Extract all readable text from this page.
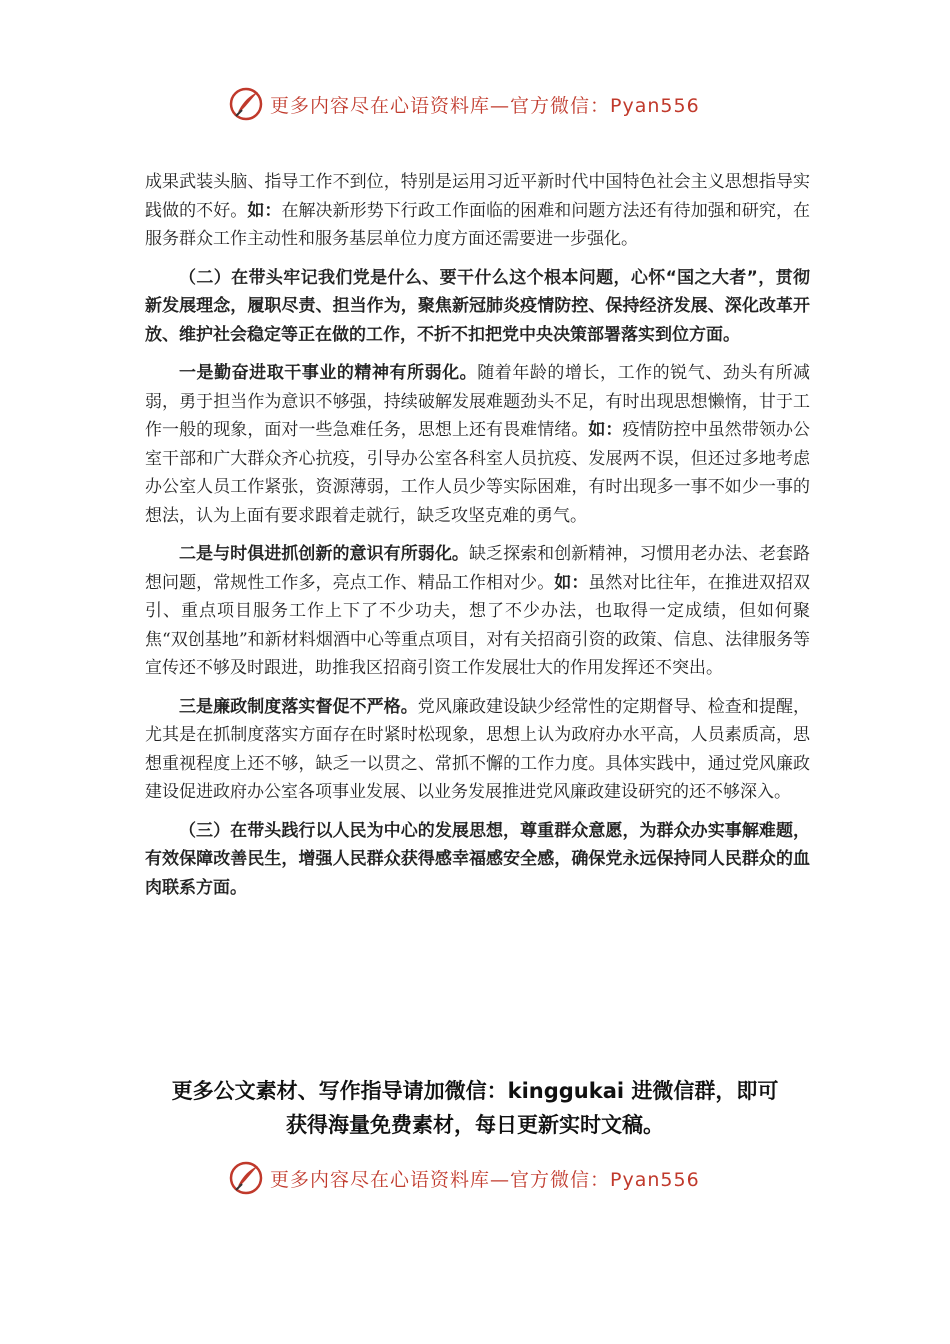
更多内容尽在心语资料库—官方微信：Pyan556

成果武装头脑、指导工作不到位，特别是运用习近平新时代中国特色社会主义思想指导实践做的不好。如：在解决新形势下行政工作面临的困难和问题方法还有待加强和研究，在服务群众工作主动性和服务基层单位力度方面还需要进一步强化。

（二）在带头牢记我们党是什么、要干什么这个根本问题，心怀“国之大者”，贯彻新发展理念，履职尽责、担当作为，聚焦新冠肺炎疫情防控、保持经济发展、深化改革开放、维护社会稳定等正在做的工作，不折不扣把党中央决策部署落实到位方面。

一是勤奋进取干事业的精神有所弱化。随着年龄的增长，工作的锐气、劲头有所减弱，勇于担当作为意识不够强，持续破解发展难题劲头不足，有时出现思想懒惰，甘于工作一般的现象，面对一些急难任务，思想上还有畏难情绪。如：疫情防控中虽然带领办公室干部和广大群众齐心抗疫，引导办公室各科室人员抗疫、发展两不误，但还过多地考虑办公室人员工作紧张，资源薄弱，工作人员少等实际困难，有时出现多一事不如少一事的想法，认为上面有要求跟着走就行，缺乏攻坚克难的勇气。

二是与时俱进抓创新的意识有所弱化。缺乏探索和创新精神，习惯用老办法、老套路想问题，常规性工作多，亮点工作、精品工作相对少。如：虽然对比往年，在推进双招双引、重点项目服务工作上下了不少功夫，想了不少办法，也取得一定成绩，但如何聚焦“双创基地”和新材料烟酒中心等重点项目，对有关招商引资的政策、信息、法律服务等宣传还不够及时跟进，助推我区招商引资工作发展壮大的作用发挥还不突出。

三是廉政制度落实督促不严格。党风廉政建设缺少经常性的定期督导、检查和提醒，尤其是在抓制度落实方面存在时紧时松现象，思想上认为政府办水平高，人员素质高，思想重视程度上还不够，缺乏一以贯之、常抓不懈的工作力度。具体实践中，通过党风廉政建设促进政府办公室各项事业发展、以业务发展推进党风廉政建设研究的还不够深入。

（三）在带头践行以人民为中心的发展思想，尊重群众意愿，为群众办实事解难题，有效保障改善民生，增强人民群众获得感幸福感安全感，确保党永远保持同人民群众的血肉联系方面。

更多公文素材、写作指导请加微信：kinggukai 进微信群，即可
获得海量免费素材，每日更新实时文稿。
更多内容尽在心语资料库—官方微信：Pyan556
